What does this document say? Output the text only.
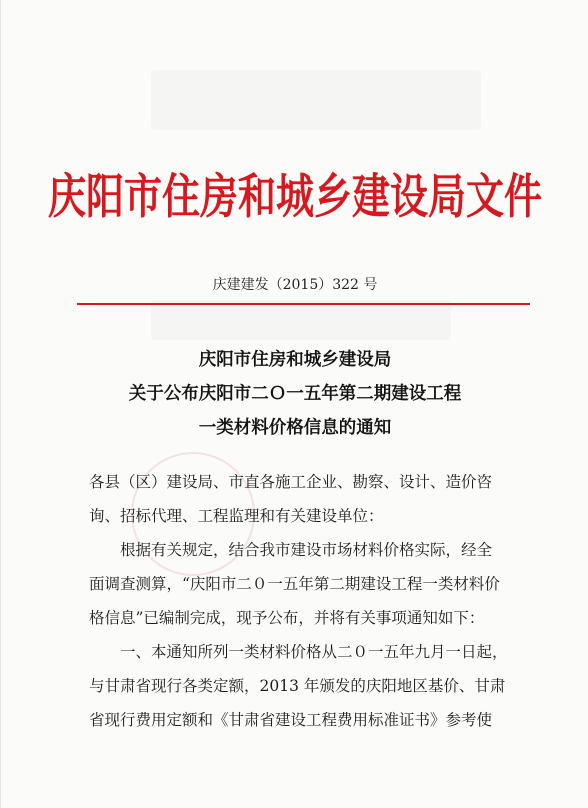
庆阳市住房和城乡建设局文件
庆建建发（2015）322 号
庆阳市住房和城乡建设局
关于公布庆阳市二Ｏ一五年第二期建设工程
一类材料价格信息的通知
各县（区）建设局、市直各施工企业、勘察、设计、造价咨
询、招标代理、工程监理和有关建设单位：
　　根据有关规定，结合我市建设市场材料价格实际，经全
面调查测算，“庆阳市二０一五年第二期建设工程一类材料价
格信息”已编制完成，现予公布，并将有关事项通知如下：
　　一、本通知所列一类材料价格从二０一五年九月一日起，
与甘肃省现行各类定额，2013 年颁发的庆阳地区基价、甘肃
省现行费用定额和《甘肃省建设工程费用标准证书》参考使
